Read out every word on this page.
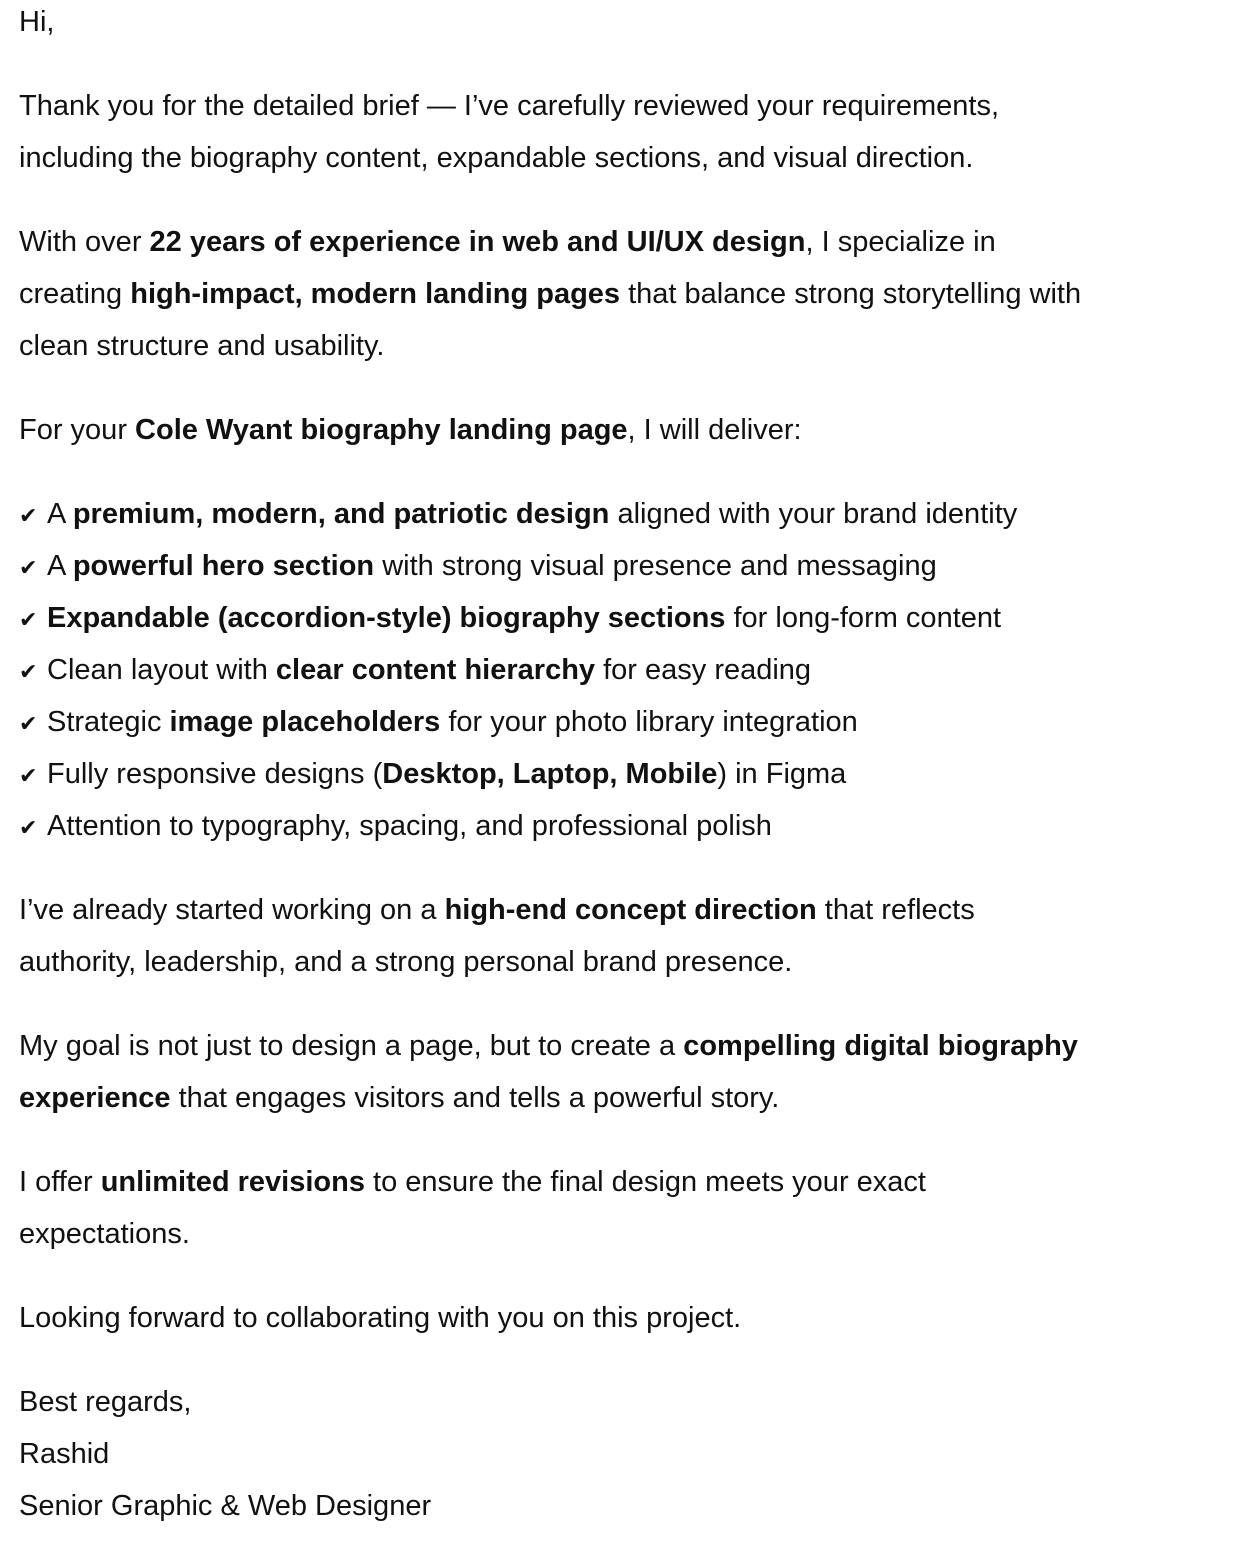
Hi,
Thank you for the detailed brief — I’ve carefully reviewed your requirements,
including the biography content, expandable sections, and visual direction.
With over 22 years of experience in web and UI/UX design, I specialize in
creating high-impact, modern landing pages that balance strong storytelling with
clean structure and usability.
For your Cole Wyant biography landing page, I will deliver:
✔ A premium, modern, and patriotic design aligned with your brand identity
✔ A powerful hero section with strong visual presence and messaging
✔ Expandable (accordion-style) biography sections for long-form content
✔ Clean layout with clear content hierarchy for easy reading
✔ Strategic image placeholders for your photo library integration
✔ Fully responsive designs (Desktop, Laptop, Mobile) in Figma
✔ Attention to typography, spacing, and professional polish
I’ve already started working on a high-end concept direction that reflects
authority, leadership, and a strong personal brand presence.
My goal is not just to design a page, but to create a compelling digital biography
experience that engages visitors and tells a powerful story.
I offer unlimited revisions to ensure the final design meets your exact
expectations.
Looking forward to collaborating with you on this project.
Best regards,
Rashid
Senior Graphic & Web Designer
